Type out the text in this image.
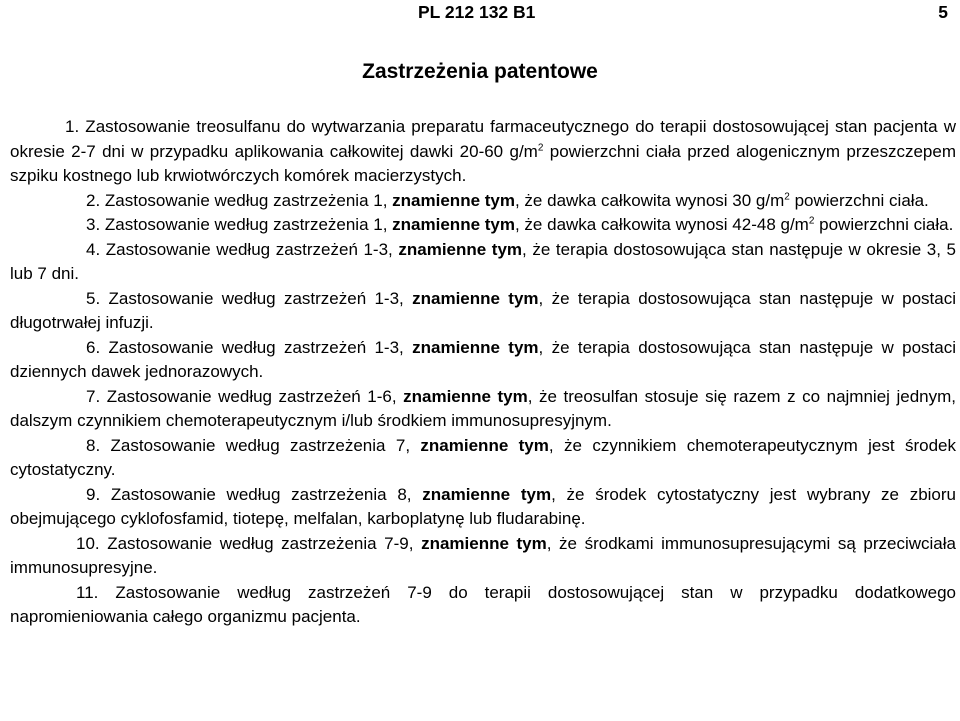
PL 212 132 B1	5
Zastrzeżenia patentowe

1. Zastosowanie treosulfanu do wytwarzania preparatu farmaceutycznego do terapii dostosowującej stan pacjenta w okresie 2-7 dni w przypadku aplikowania całkowitej dawki 20-60 $g/m^2$ powierzchni ciała przed alogenicznym przeszczepem szpiku kostnego lub krwiotwórczych komórek macierzystych.

2. Zastosowanie według zastrzeżenia 1, znamienne tym, że dawka całkowita wynosi 30 $g/m^2$ powierzchni ciała.

3. Zastosowanie według zastrzeżenia 1, znamienne tym, że dawka całkowita wynosi 42-48 $g/m^2$ powierzchni ciała.

4. Zastosowanie według zastrzeżeń 1-3, znamienne tym, że terapia dostosowująca stan następuje w okresie 3, 5 lub 7 dni.

5. Zastosowanie według zastrzeżeń 1-3, znamienne tym, że terapia dostosowująca stan następuje w postaci długotrwałej infuzji.

6. Zastosowanie według zastrzeżeń 1-3, znamienne tym, że terapia dostosowująca stan następuje w postaci dziennych dawek jednorazowych.

7. Zastosowanie według zastrzeżeń 1-6, znamienne tym, że treosulfan stosuje się razem z co najmniej jednym, dalszym czynnikiem chemoterapeutycznym i/lub środkiem immunosupresyjnym.

8. Zastosowanie według zastrzeżenia 7, znamienne tym, że czynnikiem chemoterapeutycznym jest środek cytostatyczny.

9. Zastosowanie według zastrzeżenia 8, znamienne tym, że środek cytostatyczny jest wybrany ze zbioru obejmującego cyklofosfamid, tiotepę, melfalan, karboplatynę lub fludarabinę.

10. Zastosowanie według zastrzeżenia 7-9, znamienne tym, że środkami immunosupresującymi są przeciwciała immunosupresyjne.

11. Zastosowanie według zastrzeżeń 7-9 do terapii dostosowującej stan w przypadku dodatkowego napromieniowania całego organizmu pacjenta.
